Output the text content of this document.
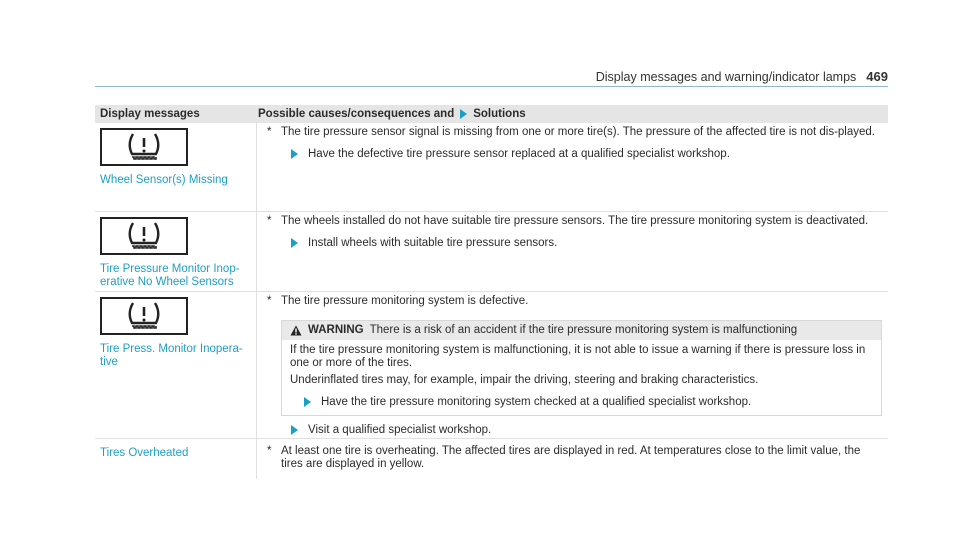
Display messages and warning/indicator lamps 469
Display messages	Possible causes/consequences and Solutions
Wheel Sensor(s) Missing
* The tire pressure sensor signal is missing from one or more tire(s). The pressure of the affected tire is not dis-played.
Have the defective tire pressure sensor replaced at a qualified specialist workshop.
Tire Pressure Monitor Inop-erative No Wheel Sensors
* The wheels installed do not have suitable tire pressure sensors. The tire pressure monitoring system is deactivated.
Install wheels with suitable tire pressure sensors.
Tire Press. Monitor Inopera-tive
* The tire pressure monitoring system is defective.
WARNING There is a risk of an accident if the tire pressure monitoring system is malfunctioning

If the tire pressure monitoring system is malfunctioning, it is not able to issue a warning if there is pressure loss in one or more of the tires.

Underinflated tires may, for example, impair the driving, steering and braking characteristics.

Have the tire pressure monitoring system checked at a qualified specialist workshop.
Visit a qualified specialist workshop.
Tires Overheated	* At least one tire is overheating. The affected tires are displayed in red. At temperatures close to the limit value, the tires are displayed in yellow.
